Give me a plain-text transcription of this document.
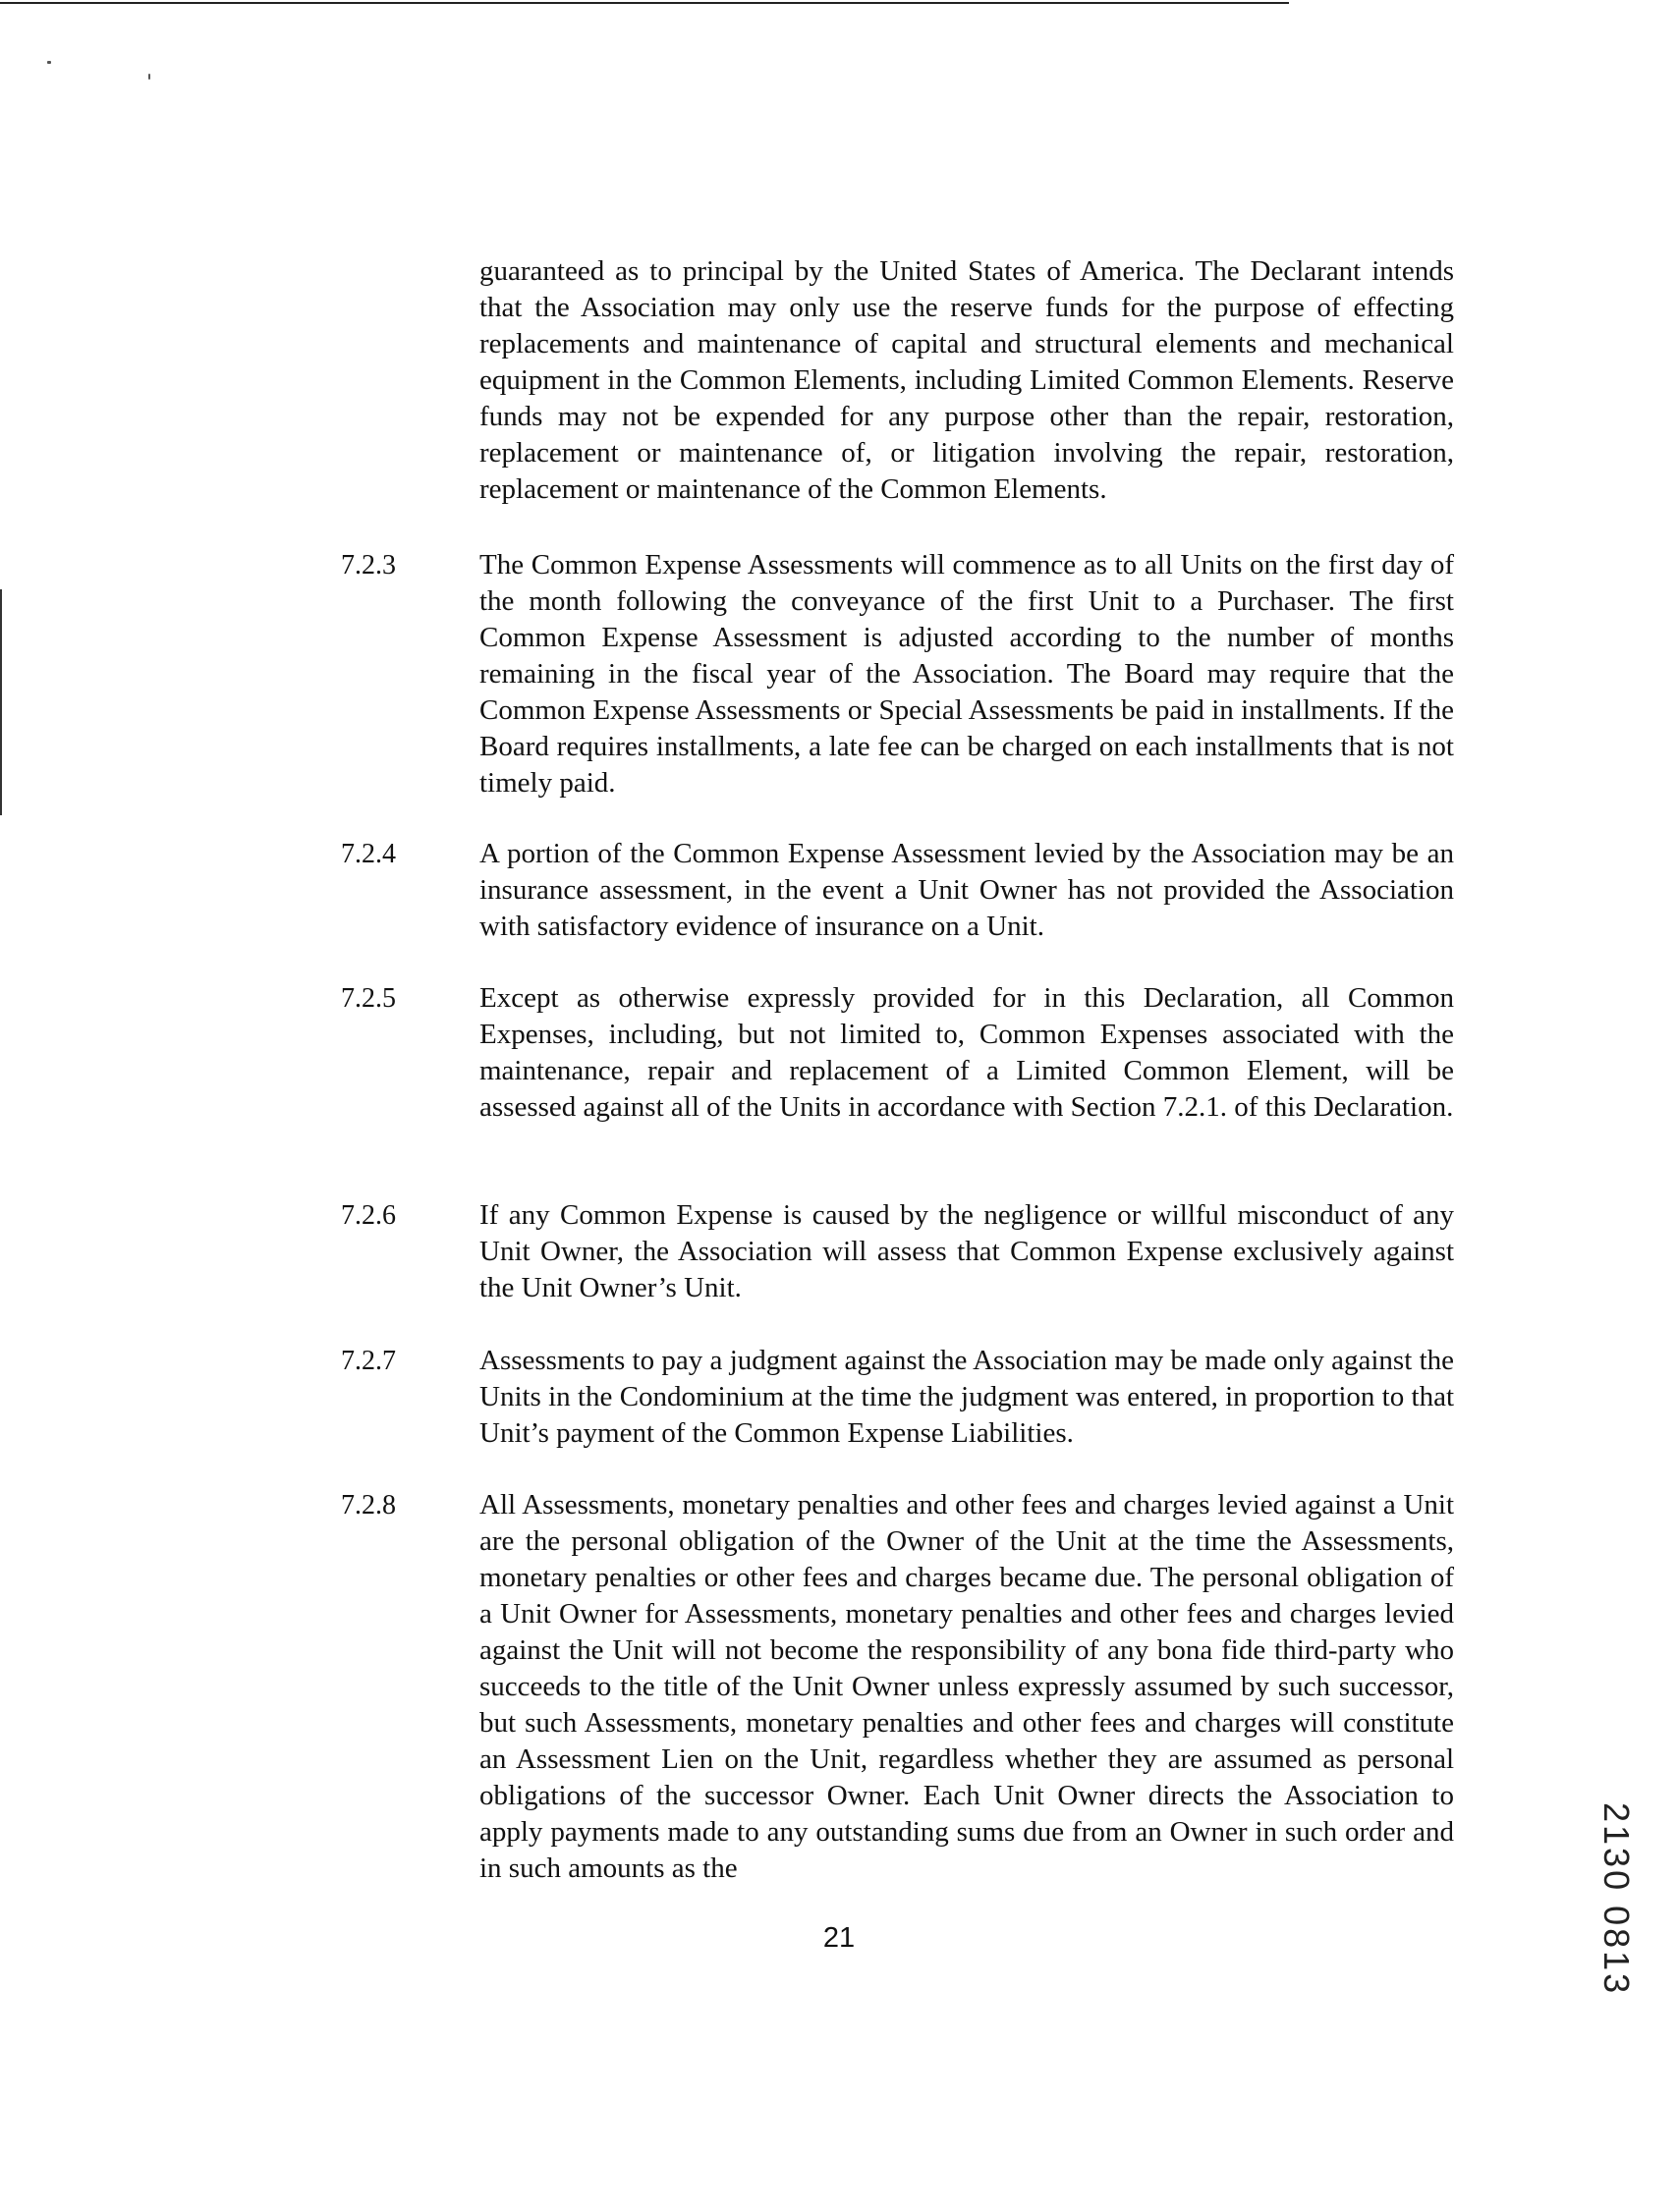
guaranteed as to principal by the United States of America. The Declarant intends that the Association may only use the reserve funds for the purpose of effecting replacements and maintenance of capital and structural elements and mechanical equipment in the Common Elements, including Limited Common Elements. Reserve funds may not be expended for any purpose other than the repair, restoration, replacement or maintenance of, or litigation involving the repair, restoration, replacement or maintenance of the Common Elements.

7.2.3	The Common Expense Assessments will commence as to all Units on the first day of the month following the conveyance of the first Unit to a Purchaser. The first Common Expense Assessment is adjusted according to the number of months remaining in the fiscal year of the Association. The Board may require that the Common Expense Assessments or Special Assessments be paid in installments. If the Board requires installments, a late fee can be charged on each installments that is not timely paid.

7.2.4	A portion of the Common Expense Assessment levied by the Association may be an insurance assessment, in the event a Unit Owner has not provided the Association with satisfactory evidence of insurance on a Unit.

7.2.5	Except as otherwise expressly provided for in this Declaration, all Common Expenses, including, but not limited to, Common Expenses associated with the maintenance, repair and replacement of a Limited Common Element, will be assessed against all of the Units in accordance with Section 7.2.1. of this Declaration.

7.2.6	If any Common Expense is caused by the negligence or willful misconduct of any Unit Owner, the Association will assess that Common Expense exclusively against the Unit Owner’s Unit.

7.2.7	Assessments to pay a judgment against the Association may be made only against the Units in the Condominium at the time the judgment was entered, in proportion to that Unit’s payment of the Common Expense Liabilities.

7.2.8	All Assessments, monetary penalties and other fees and charges levied against a Unit are the personal obligation of the Owner of the Unit at the time the Assessments, monetary penalties or other fees and charges became due. The personal obligation of a Unit Owner for Assessments, monetary penalties and other fees and charges levied against the Unit will not become the responsibility of any bona fide third-party who succeeds to the title of the Unit Owner unless expressly assumed by such successor, but such Assessments, monetary penalties and other fees and charges will constitute an Assessment Lien on the Unit, regardless whether they are assumed as personal obligations of the successor Owner. Each Unit Owner directs the Association to apply payments made to any outstanding sums due from an Owner in such order and in such amounts as the

21	2130 0813
